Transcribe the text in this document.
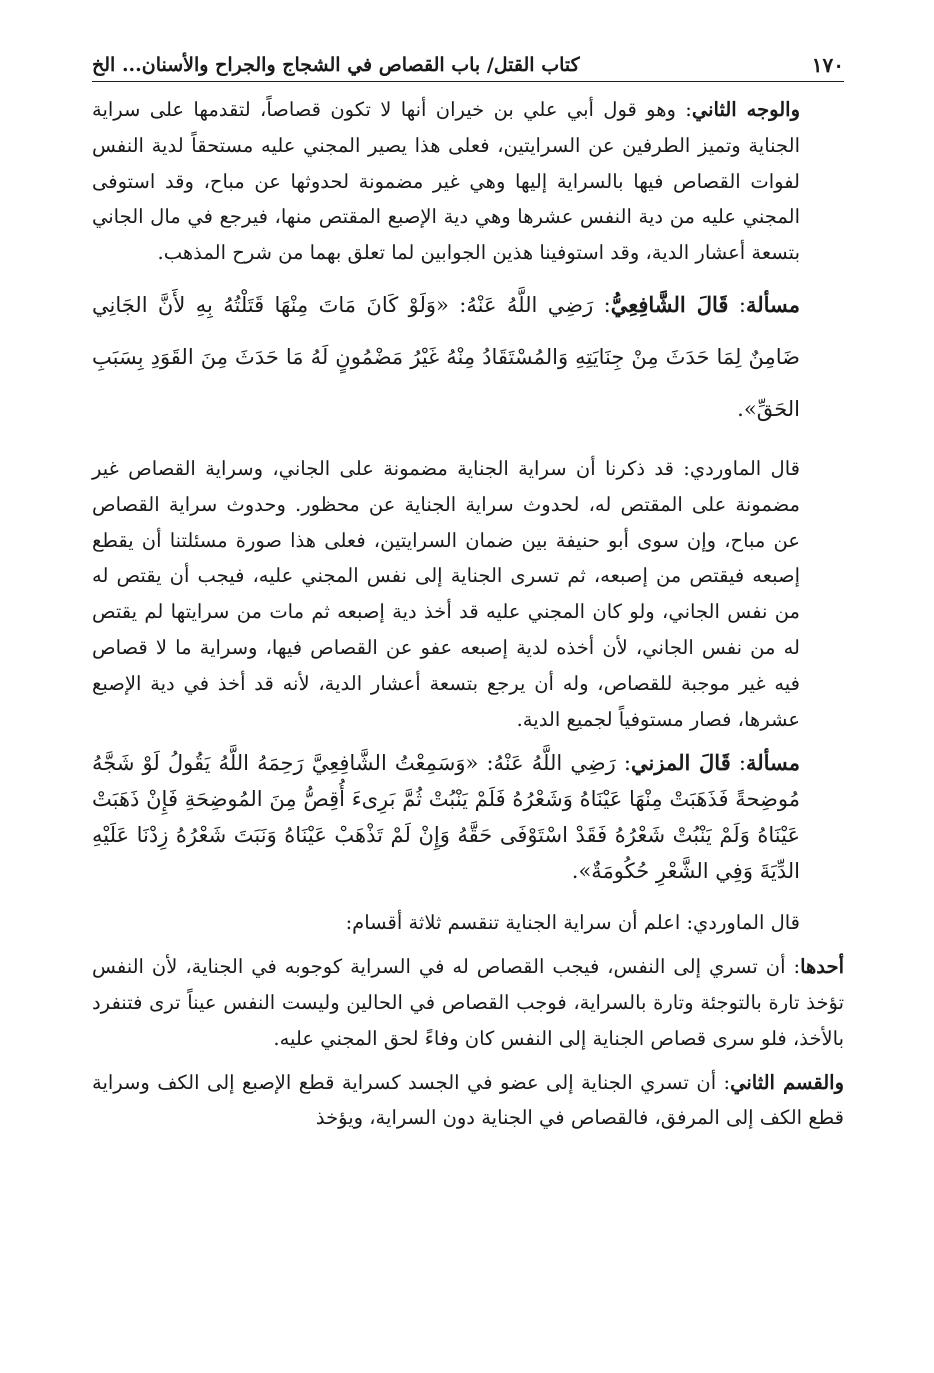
١٧٠
كتاب القتل/ باب القصاص في الشجاج والجراح والأسنان... الخ

والوجه الثاني: وهو قول أبي علي بن خيران أنها لا تكون قصاصاً، لتقدمها على سراية الجناية وتميز الطرفين عن السرايتين، فعلى هذا يصير المجني عليه مستحقاً لدية النفس لفوات القصاص فيها بالسراية إليها وهي غير مضمونة لحدوثها عن مباح، وقد استوفى المجني عليه من دية النفس عشرها وهي دية الإصبع المقتص منها، فيرجع في مال الجاني بتسعة أعشار الدية، وقد استوفينا هذين الجوابين لما تعلق بهما من شرح المذهب.

مسألة: قَالَ الشَّافِعِيُّ: رَضِي اللَّهُ عَنْهُ: «وَلَوْ كَانَ مَاتَ مِنْهَا قَتَلْتُهُ بِهِ لأَنَّ الجَانِي ضَامِنٌ لِمَا حَدَثَ مِنْ جِنَايَتِهِ وَالمُسْتَقَادُ مِنْهُ غَيْرُ مَضْمُونٍ لَهُ مَا حَدَثَ مِنَ القَوَدِ بِسَبَبِ الحَقِّ».

قال الماوردي: قد ذكرنا أن سراية الجناية مضمونة على الجاني، وسراية القصاص غير مضمونة على المقتص له، لحدوث سراية الجناية عن محظور. وحدوث سراية القصاص عن مباح، وإن سوى أبو حنيفة بين ضمان السرايتين، فعلى هذا صورة مسئلتنا أن يقطع إصبعه فيقتص من إصبعه، ثم تسرى الجناية إلى نفس المجني عليه، فيجب أن يقتص له من نفس الجاني، ولو كان المجني عليه قد أخذ دية إصبعه ثم مات من سرايتها لم يقتص له من نفس الجاني، لأن أخذه لدية إصبعه عفو عن القصاص فيها، وسراية ما لا قصاص فيه غير موجبة للقصاص، وله أن يرجع بتسعة أعشار الدية، لأنه قد أخذ في دية الإصبع عشرها، فصار مستوفياً لجميع الدية.

مسألة: قَالَ المزني: رَضِي اللَّهُ عَنْهُ: «وَسَمِعْتُ الشَّافِعِيَّ رَحِمَهُ اللَّهُ يَقُولُ لَوْ شَجَّهُ مُوضِحةً فَذَهَبَتْ مِنْهَا عَيْنَاهُ وَشَعْرُهُ فَلَمْ يَنْبُتْ ثُمَّ بَرِىءَ أُقِصُّ مِنَ المُوضِحَةِ فَإِنْ ذَهَبَتْ عَيْنَاهُ وَلَمْ يَنْبُتْ شَعْرُهُ فَقَدْ اسْتَوْفَى حَقَّهُ وَإِنْ لَمْ تَذْهَبْ عَيْنَاهُ وَنَبَتَ شَعْرُهُ زِدْنَا عَلَيْهِ الدِّيَةَ وَفِي الشَّعْرِ حُكُومَةٌ».

قال الماوردي: اعلم أن سراية الجناية تنقسم ثلاثة أقسام:

أحدها: أن تسري إلى النفس، فيجب القصاص له في السراية كوجوبه في الجناية، لأن النفس تؤخذ تارة بالتوجئة وتارة بالسراية، فوجب القصاص في الحالين وليست النفس عيناً ترى فتنفرد بالأخذ، فلو سرى قصاص الجناية إلى النفس كان وفاءً لحق المجني عليه.

والقسم الثاني: أن تسري الجناية إلى عضو في الجسد كسراية قطع الإصبع إلى الكف وسراية قطع الكف إلى المرفق، فالقصاص في الجناية دون السراية، ويؤخذ
